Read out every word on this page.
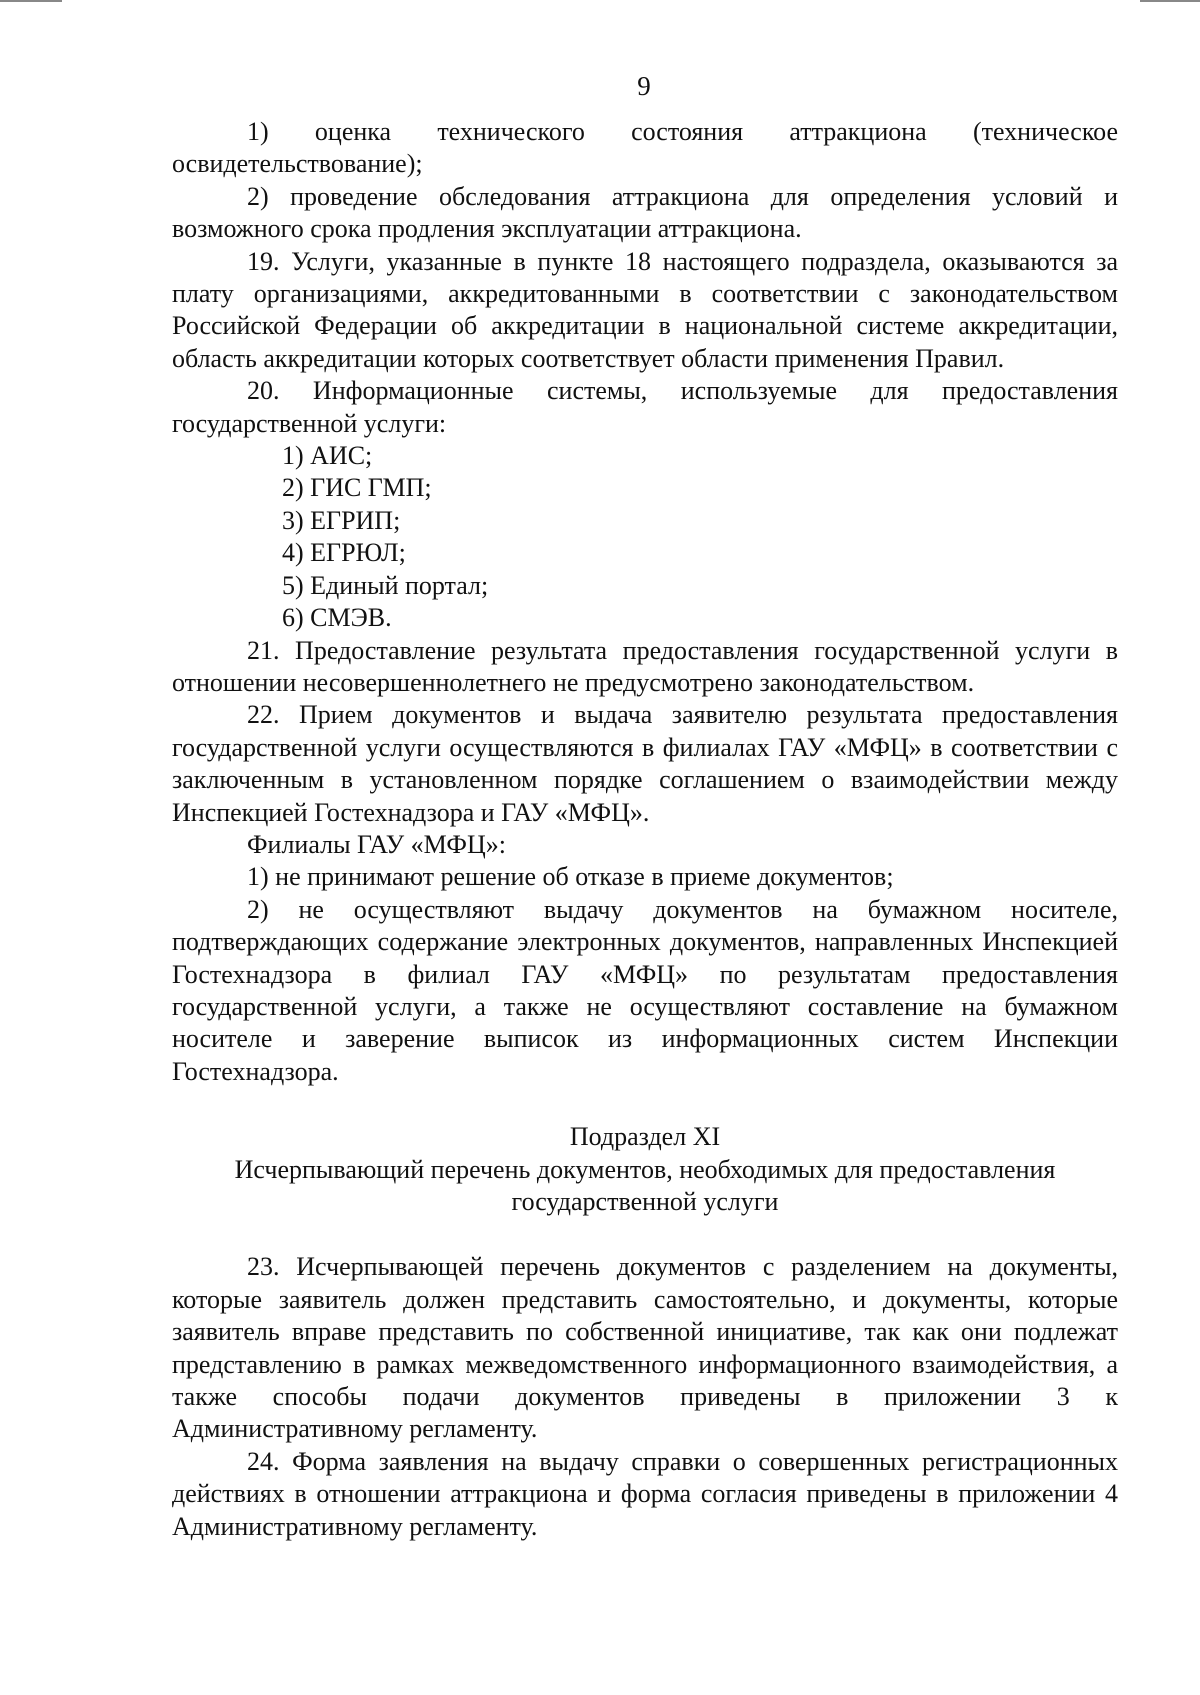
9

1) оценка технического состояния аттракциона (техническое освидетельствование);

2) проведение обследования аттракциона для определения условий и возможного срока продления эксплуатации аттракциона.

19. Услуги, указанные в пункте 18 настоящего подраздела, оказываются за плату организациями, аккредитованными в соответствии с законодательством Российской Федерации об аккредитации в национальной системе аккредитации, область аккредитации которых соответствует области применения Правил.

20. Информационные системы, используемые для предоставления государственной услуги:

1) АИС;
2) ГИС ГМП;
3) ЕГРИП;
4) ЕГРЮЛ;
5) Единый портал;
6) СМЭВ.

21. Предоставление результата предоставления государственной услуги в отношении несовершеннолетнего не предусмотрено законодательством.

22. Прием документов и выдача заявителю результата предоставления государственной услуги осуществляются в филиалах ГАУ «МФЦ» в соответствии с заключенным в установленном порядке соглашением о взаимодействии между Инспекцией Гостехнадзора и ГАУ «МФЦ».

Филиалы ГАУ «МФЦ»:

1) не принимают решение об отказе в приеме документов;

2) не осуществляют выдачу документов на бумажном носителе, подтверждающих содержание электронных документов, направленных Инспекцией Гостехнадзора в филиал ГАУ «МФЦ» по результатам предоставления государственной услуги, а также не осуществляют составление на бумажном носителе и заверение выписок из информационных систем Инспекции Гостехнадзора.

Подраздел XI

Исчерпывающий перечень документов, необходимых для предоставления

государственной услуги

23. Исчерпывающей перечень документов с разделением на документы, которые заявитель должен представить самостоятельно, и документы, которые заявитель вправе представить по собственной инициативе, так как они подлежат представлению в рамках межведомственного информационного взаимодействия, а также способы подачи документов приведены в приложении 3 к Административному регламенту.

24. Форма заявления на выдачу справки о совершенных регистрационных действиях в отношении аттракциона и форма согласия приведены в приложении 4 Административному регламенту.
